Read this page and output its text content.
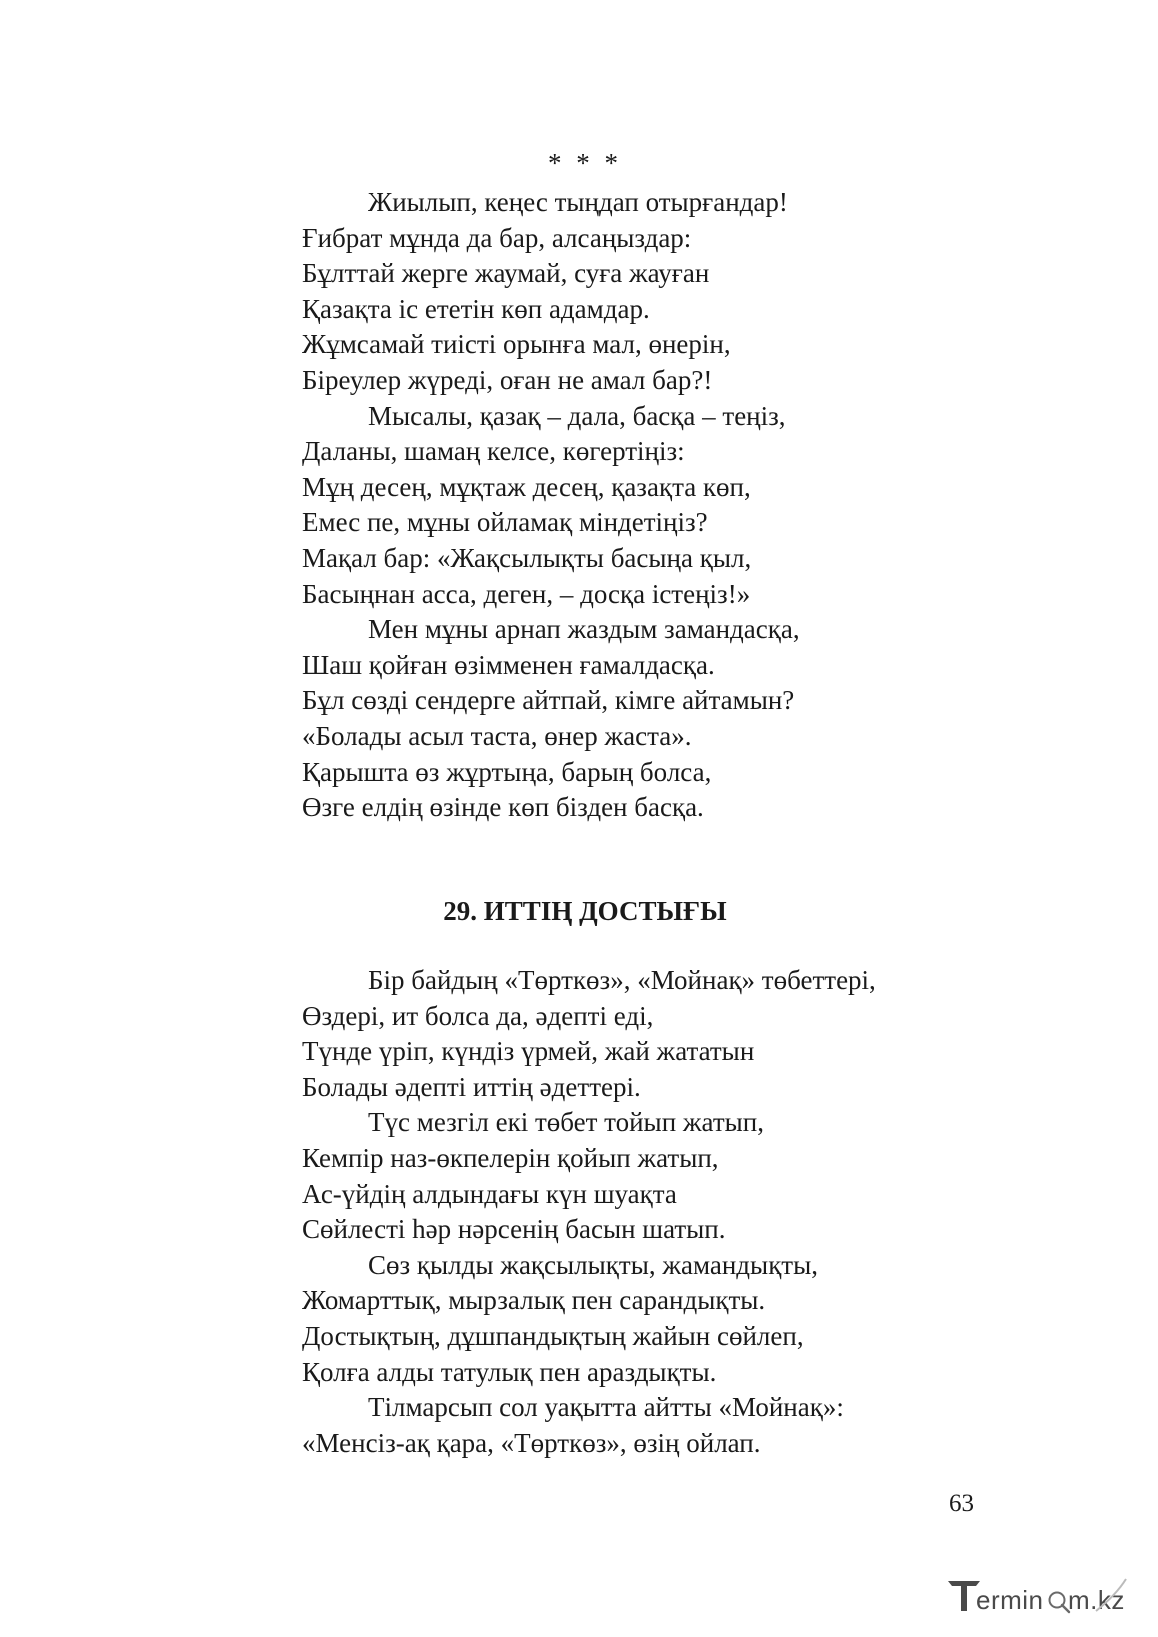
* * *
Жиылып, кеңес тыңдап отырғандар!
Ғибрат мұнда да бар, алсаңыздар:
Бұлттай жерге жаумай, суға жауған
Қазақта іс ететін көп адамдар.
Жұмсамай тиісті орынға мал, өнерін,
Біреулер жүреді, оған не амал бар?!
Мысалы, қазақ – дала, басқа – теңіз,
Даланы, шамаң келсе, көгертіңіз:
Мұң десең, мұқтаж десең, қазақта көп,
Емес пе, мұны ойламақ міндетіңіз?
Мақал бар: «Жақсылықты басыңа қыл,
Басыңнан асса, деген, – досқа істеңіз!»
Мен мұны арнап жаздым замандасқа,
Шаш қойған өзімменен ғамалдасқа.
Бұл сөзді сендерге айтпай, кімге айтамын?
«Болады асыл таста, өнер жаста».
Қарышта өз жұртыңа, барың болса,
Өзге елдің өзінде көп бізден басқа.
29. ИТТІҢ ДОСТЫҒЫ
Бір байдың «Төрткөз», «Мойнақ» төбеттері,
Өздері, ит болса да, әдепті еді,
Түнде үріп, күндіз үрмей, жай жататын
Болады әдепті иттің әдеттері.
Түс мезгіл екі төбет тойып жатып,
Кемпір наз-өкпелерін қойып жатып,
Ас-үйдің алдындағы күн шуақта
Сөйлесті һәр нәрсенің басын шатып.
Сөз қылды жақсылықты, жамандықты,
Жомарттық, мырзалық пен сарандықты.
Достықтың, дұшпандықтың жайын сөйлеп,
Қолға алды татулық пен араздықты.
Тілмарсып сол уақытта айтты «Мойнақ»:
«Менсіз-ақ қара, «Төрткөз», өзің ойлап.
63
ermin m.kz
